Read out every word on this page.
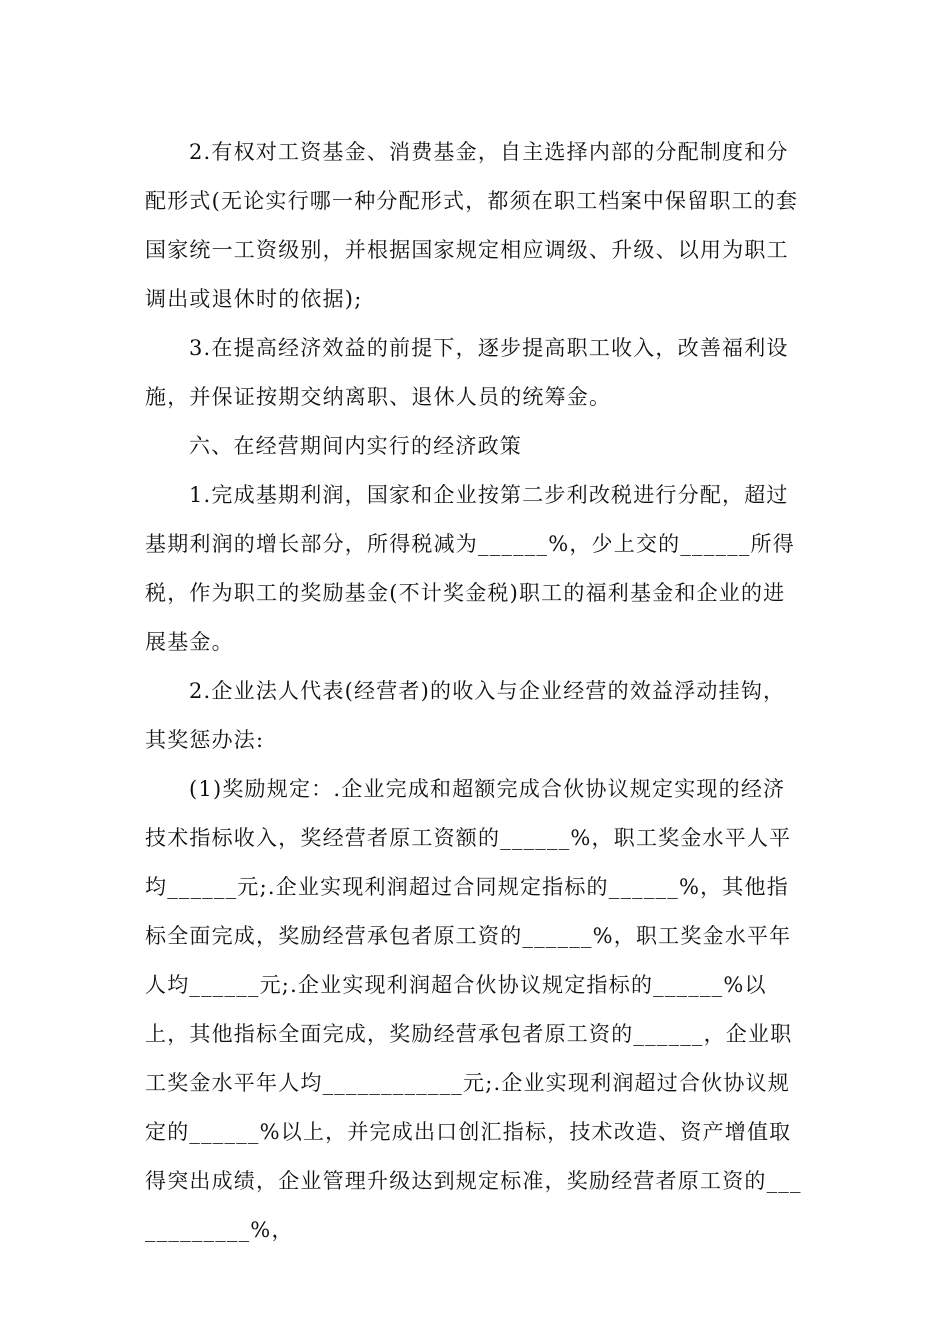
2.有权对工资基金、消费基金，自主选择内部的分配制度和分配形式(无论实行哪一种分配形式，都须在职工档案中保留职工的套国家统一工资级别，并根据国家规定相应调级、升级、以用为职工调出或退休时的依据);

3.在提高经济效益的前提下，逐步提高职工收入，改善福利设施，并保证按期交纳离职、退休人员的统筹金。

六、在经营期间内实行的经济政策

1.完成基期利润，国家和企业按第二步利改税进行分配，超过基期利润的增长部分，所得税减为______%，少上交的______所得税，作为职工的奖励基金(不计奖金税)职工的福利基金和企业的进展基金。

2.企业法人代表(经营者)的收入与企业经营的效益浮动挂钩，其奖惩办法:

(1)奖励规定：.企业完成和超额完成合伙协议规定实现的经济技术指标收入，奖经营者原工资额的______%，职工奖金水平人平均______元;.企业实现利润超过合同规定指标的______%，其他指标全面完成，奖励经营承包者原工资的______%，职工奖金水平年人均______元;.企业实现利润超合伙协议规定指标的______%以上，其他指标全面完成，奖励经营承包者原工资的______，企业职工奖金水平年人均____________元;.企业实现利润超过合伙协议规定的______%以上，并完成出口创汇指标，技术改造、资产增值取得突出成绩，企业管理升级达到规定标准，奖励经营者原工资的____________%，
